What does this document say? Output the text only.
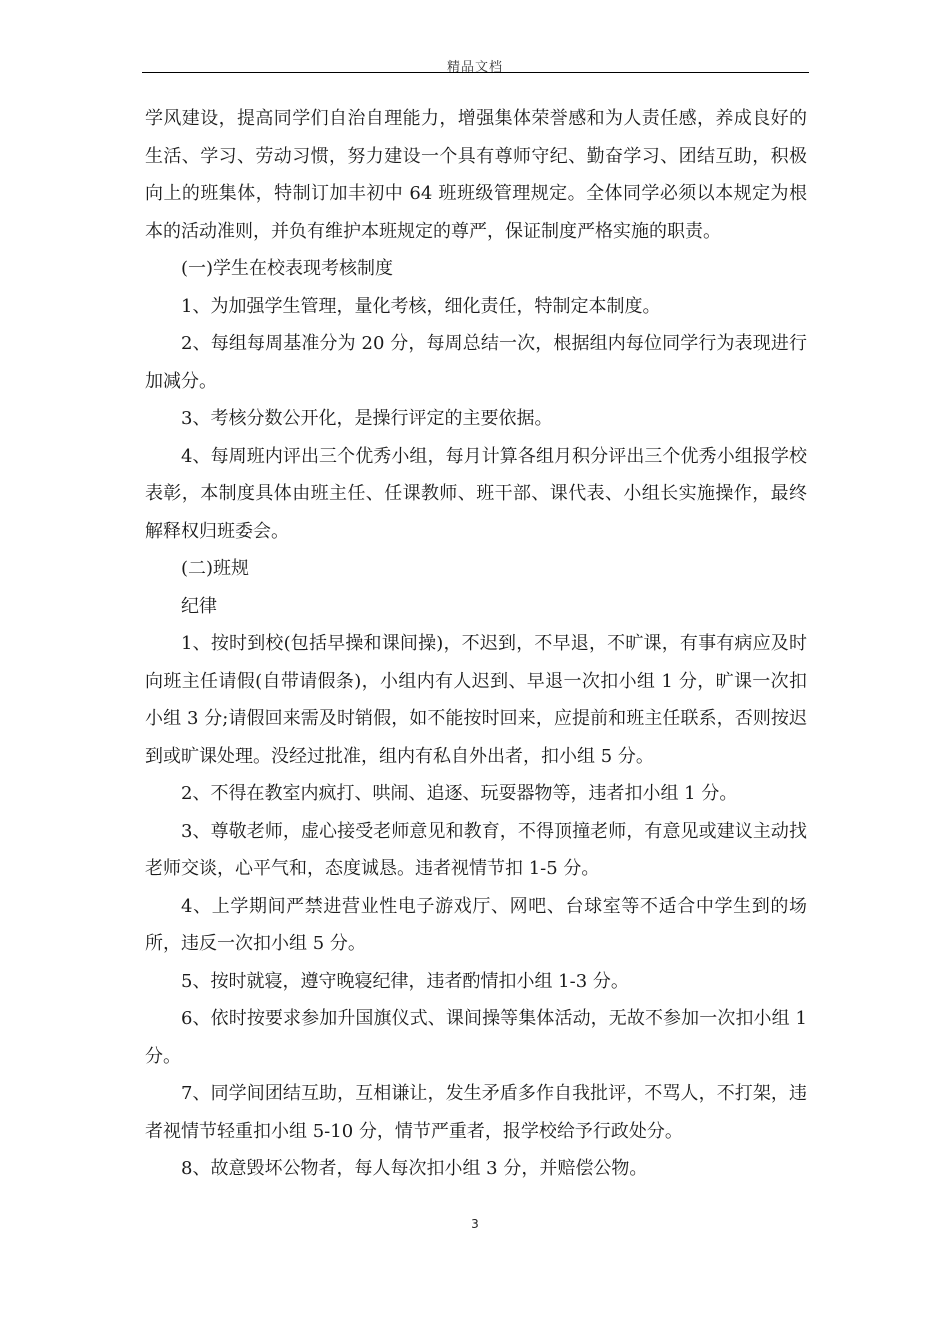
精品文档

学风建设，提高同学们自治自理能力，增强集体荣誉感和为人责任感，养成良好的生活、学习、劳动习惯，努力建设一个具有尊师守纪、勤奋学习、团结互助，积极向上的班集体，特制订加丰初中 64 班班级管理规定。全体同学必须以本规定为根本的活动准则，并负有维护本班规定的尊严，保证制度严格实施的职责。

(一)学生在校表现考核制度

1、为加强学生管理，量化考核，细化责任，特制定本制度。

2、每组每周基准分为 20 分，每周总结一次，根据组内每位同学行为表现进行加减分。

3、考核分数公开化，是操行评定的主要依据。

4、每周班内评出三个优秀小组，每月计算各组月积分评出三个优秀小组报学校表彰，本制度具体由班主任、任课教师、班干部、课代表、小组长实施操作，最终解释权归班委会。

(二)班规

纪律

1、按时到校(包括早操和课间操)，不迟到，不早退，不旷课，有事有病应及时向班主任请假(自带请假条)，小组内有人迟到、早退一次扣小组 1 分，旷课一次扣小组 3 分;请假回来需及时销假，如不能按时回来，应提前和班主任联系，否则按迟到或旷课处理。没经过批准，组内有私自外出者，扣小组 5 分。

2、不得在教室内疯打、哄闹、追逐、玩耍器物等，违者扣小组 1 分。

3、尊敬老师，虚心接受老师意见和教育，不得顶撞老师，有意见或建议主动找老师交谈，心平气和，态度诚恳。违者视情节扣 1-5 分。

4、上学期间严禁进营业性电子游戏厅、网吧、台球室等不适合中学生到的场所，违反一次扣小组 5 分。

5、按时就寝，遵守晚寝纪律，违者酌情扣小组 1-3 分。

6、依时按要求参加升国旗仪式、课间操等集体活动，无故不参加一次扣小组 1 分。

7、同学间团结互助，互相谦让，发生矛盾多作自我批评，不骂人，不打架，违者视情节轻重扣小组 5-10 分，情节严重者，报学校给予行政处分。

8、故意毁坏公物者，每人每次扣小组 3 分，并赔偿公物。

3
